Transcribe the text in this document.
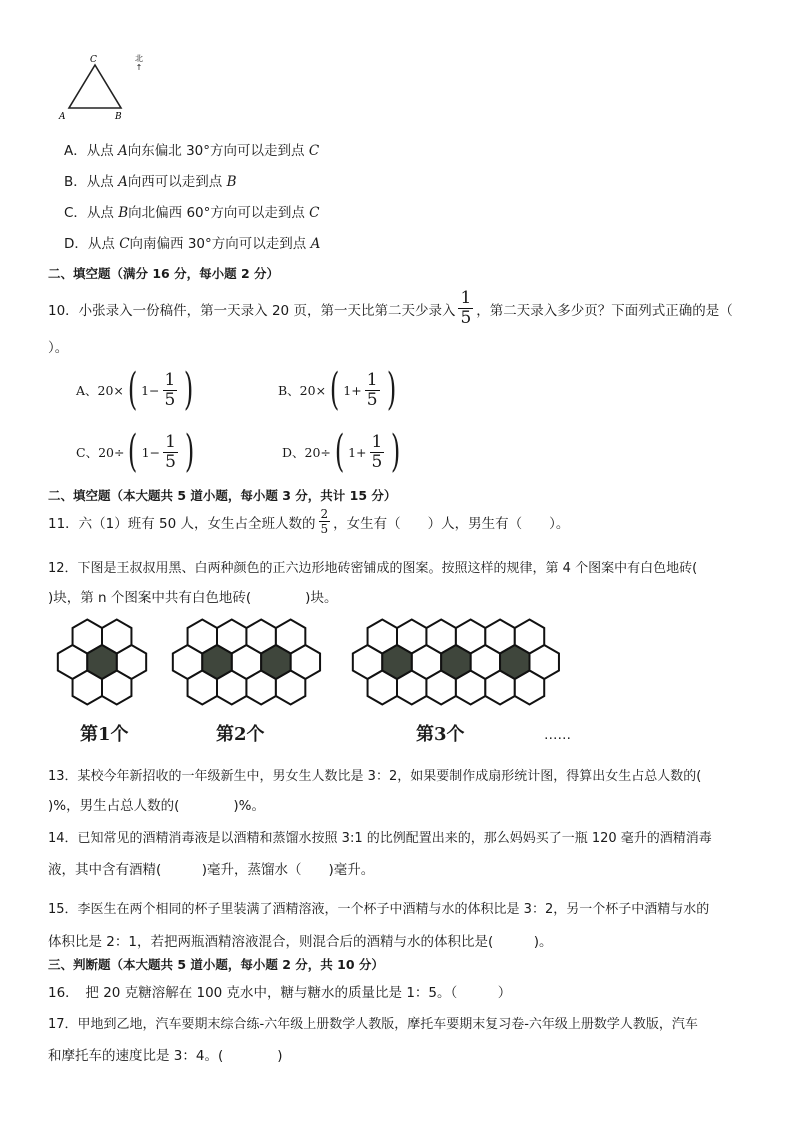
C
A	B
北
↑
A．从点 A向东偏北 30°方向可以走到点 C
B．从点 A向西可以走到点 B
C．从点 B向北偏西 60°方向可以走到点 C
D．从点 C向南偏西 30°方向可以走到点 A
二、填空题（满分 16 分，每小题 2 分）
10．小张录入一份稿件，第一天录入 20 页，第一天比第二天少录入 $\frac{1}{5}$ ，第二天录入多少页？下面列式正确的是（
）。
A、20× ( $1- \frac{1}{5}$ )	B、20× ( $1+ \frac{1}{5}$ )
C、20÷ ( $1- \frac{1}{5}$ )	D、20÷ ( $1+ \frac{1}{5}$ )
二、填空题（本大题共 5 道小题，每小题 3 分，共计 15 分）
11．六（1）班有 50 人，女生占全班人数的 $\frac{2}{5}$ ，女生有（　　）人，男生有（　　）。
12．下图是王叔叔用黑、白两种颜色的正六边形地砖密铺成的图案。按照这样的规律，第 4 个图案中有白色地砖(
)块，第 n 个图案中共有白色地砖(　　　　)块。
第1个	第2个	第3个	……
13．某校今年新招收的一年级新生中，男女生人数比是 3：2，如果要制作成扇形统计图，得算出女生占总人数的(
)%，男生占总人数的(　　　　)%。
14．已知常见的酒精消毒液是以酒精和蒸馏水按照 3:1 的比例配置出来的，那么妈妈买了一瓶 120 毫升的酒精消毒
液，其中含有酒精(　　　)毫升，蒸馏水（　　)毫升。
15．李医生在两个相同的杯子里装满了酒精溶液，一个杯子中酒精与水的体积比是 3：2，另一个杯子中酒精与水的
体积比是 2：1，若把两瓶酒精溶液混合，则混合后的酒精与水的体积比是(　　　)。
三、判断题（本大题共 5 道小题，每小题 2 分，共 10 分）
16．　把 20 克糖溶解在 100 克水中，糖与糖水的质量比是 1：5。（　　　）
17．甲地到乙地，汽车要期末综合练-六年级上册数学人教版，摩托车要期末复习卷-六年级上册数学人教版，汽车
和摩托车的速度比是 3：4。(　　　　)
